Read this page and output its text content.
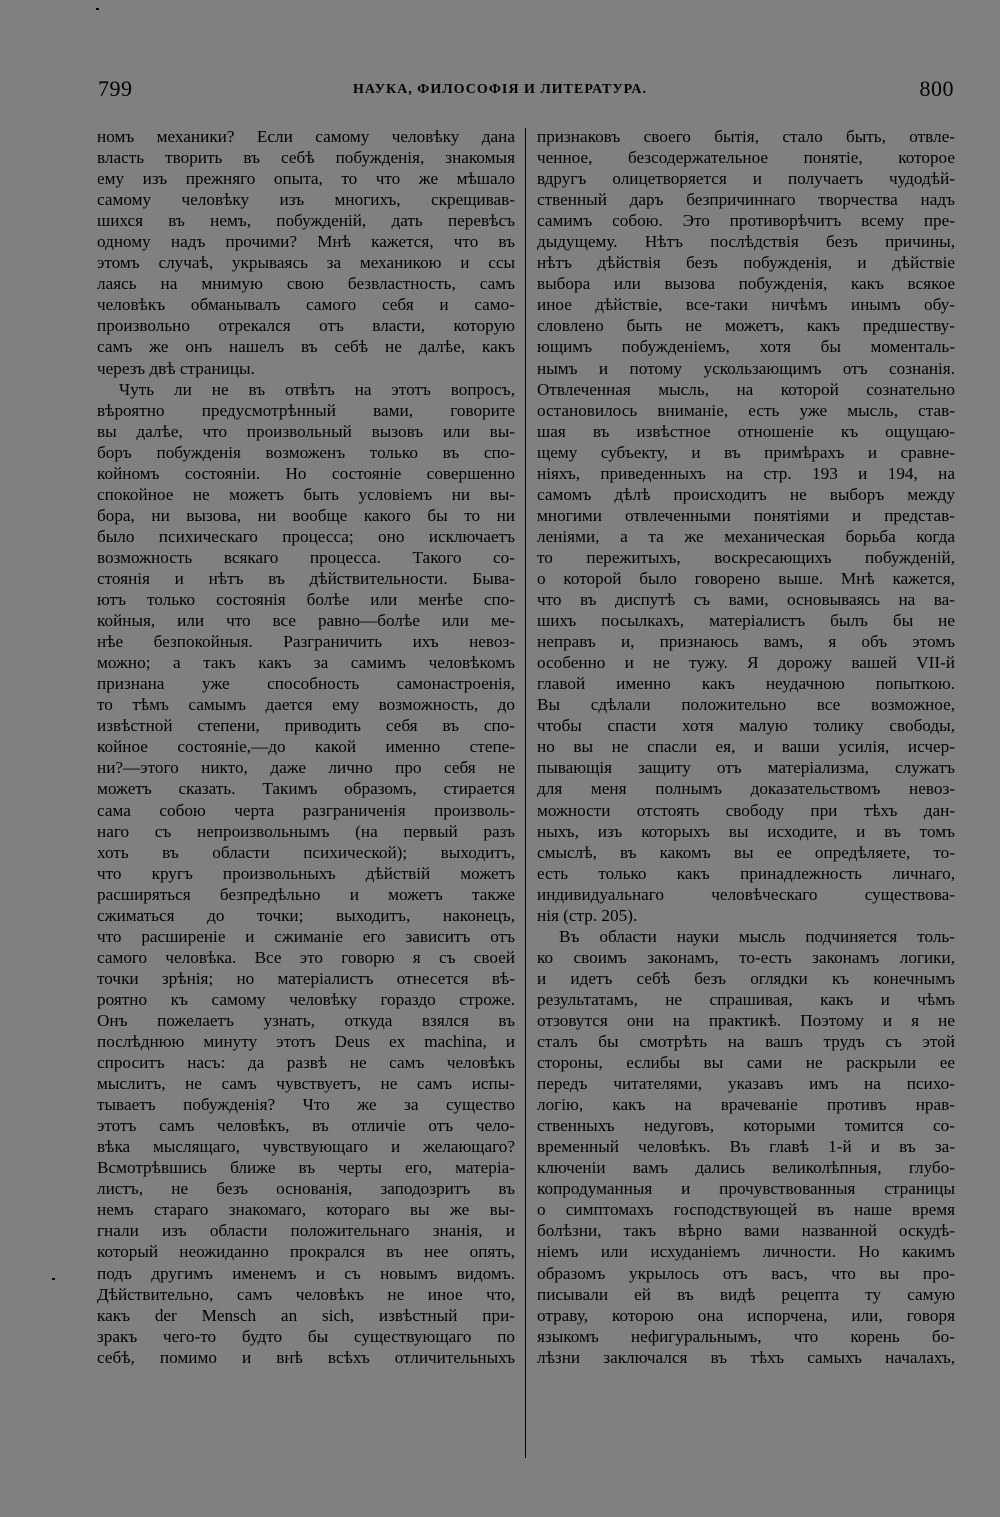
799	НАУКА, ФИЛОСОФІЯ И ЛИТЕРАТУРА.	800
номъ механики? Если самому человѣку дана
власть творить въ себѣ побужденія, знакомыя
ему изъ прежняго опыта, то что же мѣшало
самому человѣку изъ многихъ, скрещивав-
шихся въ немъ, побужденій, дать перевѣсъ
одному надъ прочими? Мнѣ кажется, что въ
этомъ случаѣ, укрываясь за механикою и ссы
лаясь на мнимую свою безвластность, самъ
человѣкъ обманывалъ самого себя и само-
произвольно отрекался отъ власти, которую
самъ же онъ нашелъ въ себѣ не далѣе, какъ
черезъ двѣ страницы.
Чуть ли не въ отвѣтъ на этотъ вопросъ,
вѣроятно предусмотрѣнный вами, говорите
вы далѣе, что произвольный вызовъ или вы-
боръ побужденія возможенъ только въ спо-
койномъ состояніи. Но состояніе совершенно
спокойное не можетъ быть условіемъ ни вы-
бора, ни вызова, ни вообще какого бы то ни
было психическаго процесса; оно исключаетъ
возможность всякаго процесса. Такого со-
стоянія и нѣтъ въ дѣйствительности. Быва-
ютъ только состоянія болѣе или менѣе спо-
койныя, или что все равно—болѣе или ме-
нѣе безпокойныя. Разграничить ихъ невоз-
можно; а такъ какъ за самимъ человѣкомъ
признана уже способность самонастроенія,
то тѣмъ самымъ дается ему возможность, до
извѣстной степени, приводить себя въ спо-
койное состояніе,—до какой именно степе-
ни?—этого никто, даже лично про себя не
можетъ сказать. Такимъ образомъ, стирается
сама собою черта разграниченія произволь-
наго съ непроизвольнымъ (на первый разъ
хоть въ области психической); выходитъ,
что кругъ произвольныхъ дѣйствій можетъ
расширяться безпредѣльно и можетъ также
сжиматься до точки; выходитъ, наконецъ,
что расширеніе и сжиманіе его зависитъ отъ
самого человѣка. Все это говорю я съ своей
точки зрѣнія; но матеріалистъ отнесется вѣ-
роятно къ самому человѣку гораздо строже.
Онъ пожелаетъ узнать, откуда взялся въ
послѣднюю минуту этотъ Deus ex machina, и
спроситъ насъ: да развѣ не самъ человѣкъ
мыслитъ, не самъ чувствуетъ, не самъ испы-
тываетъ побужденія? Что же за существо
этотъ самъ человѣкъ, въ отличіе отъ чело-
вѣка мыслящаго, чувствующаго и желающаго?
Всмотрѣвшись ближе въ черты его, матеріа-
листъ, не безъ основанія, заподозритъ въ
немъ стараго знакомаго, котораго вы же вы-
гнали изъ области положительнаго знанія, и
который неожиданно прокрался въ нее опять,
подъ другимъ именемъ и съ новымъ видомъ.
Дѣйствительно, самъ человѣкъ не иное что,
какъ der Mensch an sich, извѣстный при-
зракъ чего-то будто бы существующаго по
себѣ, помимо и внѣ всѣхъ отличительныхъ
признаковъ своего бытія, стало быть, отвле-
ченное, безсодержательное понятіе, которое
вдругъ олицетворяется и получаетъ чудодѣй-
ственный даръ безпричиннаго творчества надъ
самимъ собою. Это противорѣчитъ всему пре-
дыдущему. Нѣтъ послѣдствія безъ причины,
нѣтъ дѣйствія безъ побужденія, и дѣйствіе
выбора или вызова побужденія, какъ всякое
иное дѣйствіе, все-таки ничѣмъ инымъ обу-
словлено быть не можетъ, какъ предшеству-
ющимъ побужденіемъ, хотя бы моменталь-
нымъ и потому ускользающимъ отъ сознанія.
Отвлеченная мысль, на которой сознательно
остановилось вниманіе, есть уже мысль, став-
шая въ извѣстное отношеніе къ ощущаю-
щему субъекту, и въ примѣрахъ и сравне-
ніяхъ, приведенныхъ на стр. 193 и 194, на
самомъ дѣлѣ происходитъ не выборъ между
многими отвлеченными понятіями и представ-
леніями, а та же механическая борьба когда
то пережитыхъ, воскресающихъ побужденій,
о которой было говорено выше. Мнѣ кажется,
что въ диспутѣ съ вами, основываясь на ва-
шихъ посылкахъ, матеріалистъ былъ бы не
неправъ и, признаюсь вамъ, я объ этомъ
особенно и не тужу. Я дорожу вашей VII-й
главой именно какъ неудачною попыткою.
Вы сдѣлали положительно все возможное,
чтобы спасти хотя малую толику свободы,
но вы не спасли ея, и ваши усилія, исчер-
пывающія защиту отъ матеріализма, служатъ
для меня полнымъ доказательствомъ невоз-
можности отстоять свободу при тѣхъ дан-
ныхъ, изъ которыхъ вы исходите, и въ томъ
смыслѣ, въ какомъ вы ее опредѣляете, то-
есть только какъ принадлежность личнаго,
индивидуальнаго человѣческаго существова-
нія (стр. 205).
Въ области науки мысль подчиняется толь-
ко своимъ законамъ, то-есть законамъ логики,
и идетъ себѣ безъ оглядки къ конечнымъ
результатамъ, не спрашивая, какъ и чѣмъ
отзовутся они на практикѣ. Поэтому и я не
сталъ бы смотрѣть на вашъ трудъ съ этой
стороны, еслибы вы сами не раскрыли ее
передъ читателями, указавъ имъ на психо-
логію, какъ на врачеваніе противъ нрав-
ственныхъ недуговъ, которыми томится со-
временный человѣкъ. Въ главѣ 1-й и въ за-
ключеніи вамъ дались великолѣпныя, глубо-
копродуманныя и прочувствованныя страницы
о симптомахъ господствующей въ наше время
болѣзни, такъ вѣрно вами названной оскудѣ-
ніемъ или исхуданіемъ личности. Но какимъ
образомъ укрылось отъ васъ, что вы про-
писывали ей въ видѣ рецепта ту самую
отраву, которою она испорчена, или, говоря
языкомъ нефигуральнымъ, что корень бо-
лѣзни заключался въ тѣхъ самыхъ началахъ,
